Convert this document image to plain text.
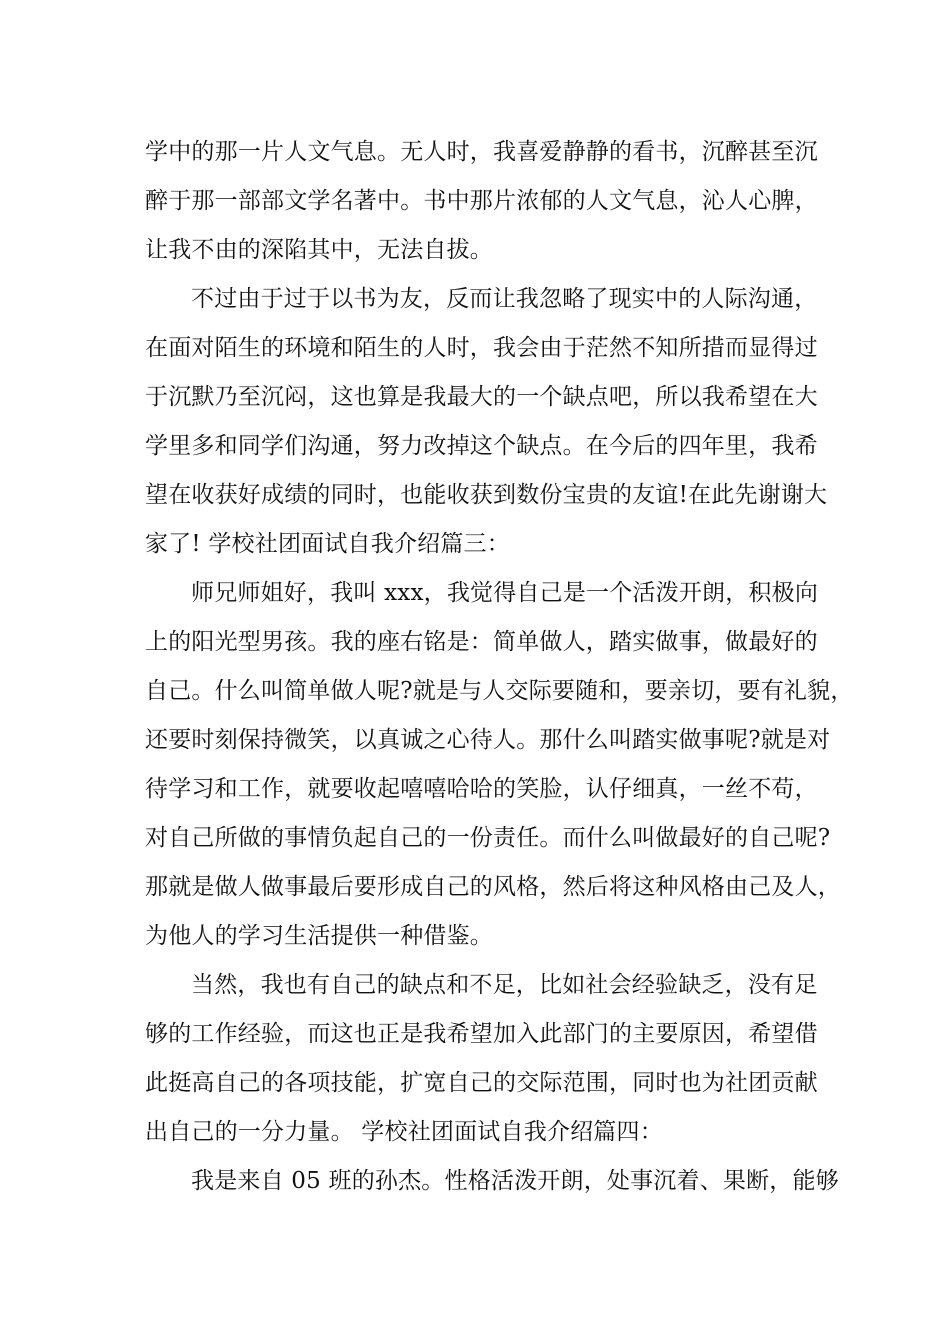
学中的那一片人文气息。无人时，我喜爱静静的看书，沉醉甚至沉
醉于那一部部文学名著中。书中那片浓郁的人文气息，沁人心脾，
让我不由的深陷其中，无法自拔。
不过由于过于以书为友，反而让我忽略了现实中的人际沟通，
在面对陌生的环境和陌生的人时，我会由于茫然不知所措而显得过
于沉默乃至沉闷，这也算是我最大的一个缺点吧，所以我希望在大
学里多和同学们沟通，努力改掉这个缺点。在今后的四年里，我希
望在收获好成绩的同时，也能收获到数份宝贵的友谊!在此先谢谢大
家了! 学校社团面试自我介绍篇三：
师兄师姐好，我叫 xxx，我觉得自己是一个活泼开朗，积极向
上的阳光型男孩。我的座右铭是：简单做人，踏实做事，做最好的
自己。什么叫简单做人呢?就是与人交际要随和，要亲切，要有礼貌，
还要时刻保持微笑，以真诚之心待人。那什么叫踏实做事呢?就是对
待学习和工作，就要收起嘻嘻哈哈的笑脸，认仔细真，一丝不苟，
对自己所做的事情负起自己的一份责任。而什么叫做最好的自己呢?
那就是做人做事最后要形成自己的风格，然后将这种风格由己及人，
为他人的学习生活提供一种借鉴。
当然，我也有自己的缺点和不足，比如社会经验缺乏，没有足
够的工作经验，而这也正是我希望加入此部门的主要原因，希望借
此挺高自己的各项技能，扩宽自己的交际范围，同时也为社团贡献
出自己的一分力量。 学校社团面试自我介绍篇四：
我是来自 05 班的孙杰。性格活泼开朗，处事沉着、果断，能够
